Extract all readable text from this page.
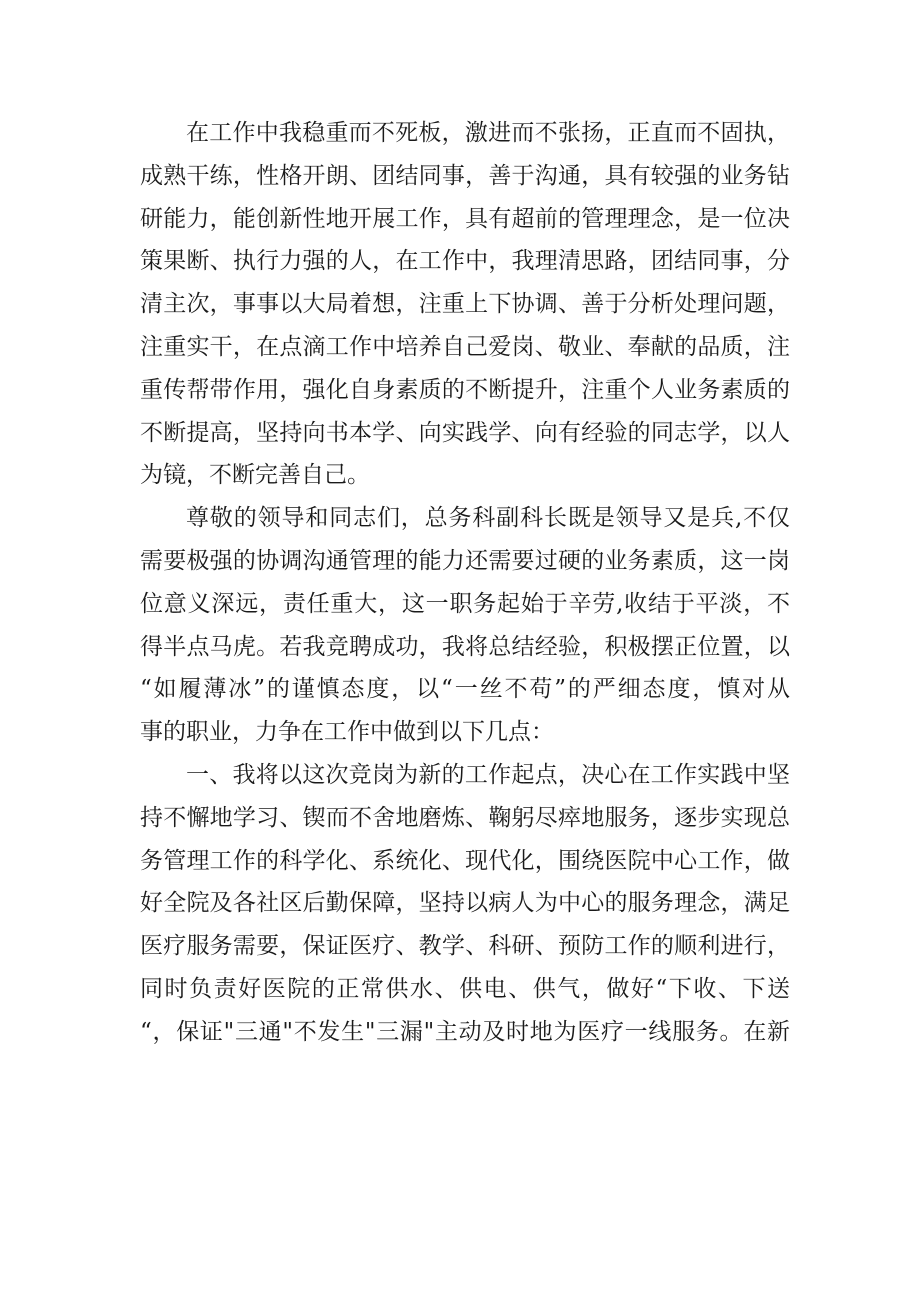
在工作中我稳重而不死板，激进而不张扬，正直而不固执，
成熟干练，性格开朗、团结同事，善于沟通，具有较强的业务钻
研能力，能创新性地开展工作，具有超前的管理理念，是一位决
策果断、执行力强的人，在工作中，我理清思路，团结同事，分
清主次，事事以大局着想，注重上下协调、善于分析处理问题，
注重实干，在点滴工作中培养自己爱岗、敬业、奉献的品质，注
重传帮带作用，强化自身素质的不断提升，注重个人业务素质的
不断提高，坚持向书本学、向实践学、向有经验的同志学，以人
为镜，不断完善自己。
尊敬的领导和同志们，总务科副科长既是领导又是兵,不仅
需要极强的协调沟通管理的能力还需要过硬的业务素质，这一岗
位意义深远，责任重大，这一职务起始于辛劳,收结于平淡，不
得半点马虎。若我竞聘成功，我将总结经验，积极摆正位置，以
“如履薄冰”的谨慎态度，以“一丝不苟”的严细态度，慎对从
事的职业，力争在工作中做到以下几点：
一、我将以这次竞岗为新的工作起点，决心在工作实践中坚
持不懈地学习、锲而不舍地磨炼、鞠躬尽瘁地服务，逐步实现总
务管理工作的科学化、系统化、现代化，围绕医院中心工作，做
好全院及各社区后勤保障，坚持以病人为中心的服务理念，满足
医疗服务需要，保证医疗、教学、科研、预防工作的顺利进行，
同时负责好医院的正常供水、供电、供气，做好“下收、下送
“，保证"三通"不发生"三漏"主动及时地为医疗一线服务。在新
